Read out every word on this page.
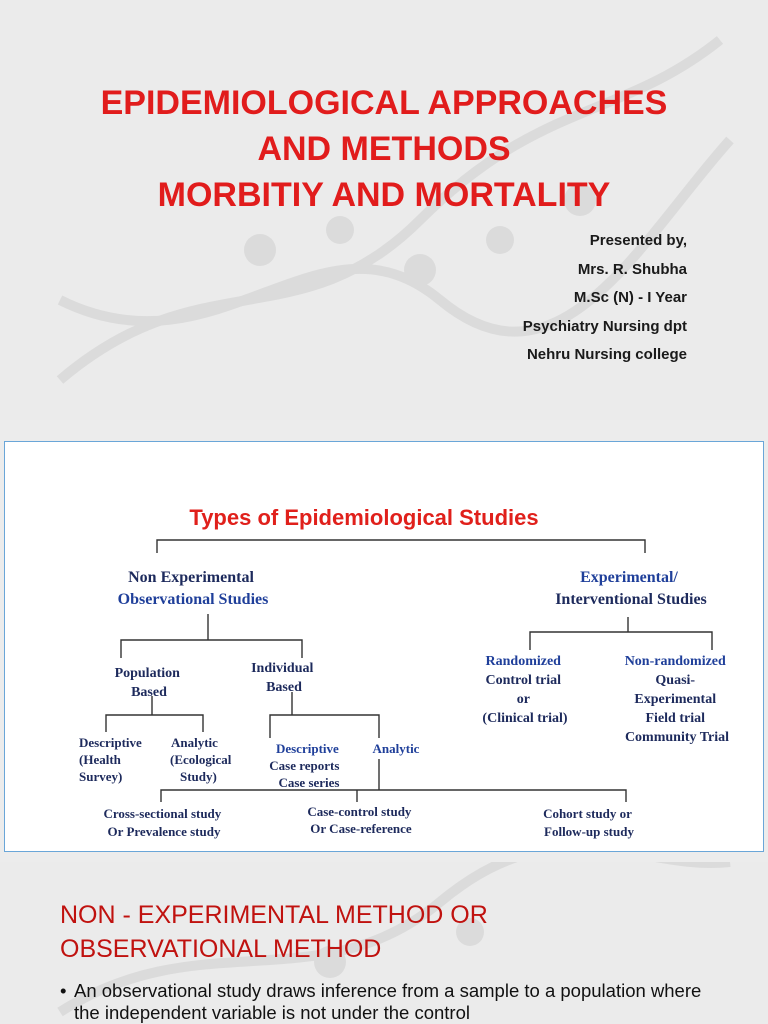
EPIDEMIOLOGICAL APPROACHES
AND METHODS
MORBITIY AND MORTALITY
Presented by,
Mrs. R. Shubha
M.Sc (N) - I Year
Psychiatry Nursing dpt
Nehru Nursing college
Types of Epidemiological Studies
Non Experimental Observational Studies
Experimental/ Interventional Studies
Population Based
Individual Based
Descriptive (Health Survey)
Analytic (Ecological Study)
Descriptive Case reports Case series
Analytic
Randomized Control trial or (Clinical trial)
Non-randomized Quasi- Experimental Field trial Community Trial
Cross-sectional study Or Prevalence study
Case-control study Or Case-reference
Cohort study or Follow-up study
NON - EXPERIMENTAL METHOD OR
OBSERVATIONAL METHOD
• An observational study draws inference from a sample to a population where the independent variable is not under the control
